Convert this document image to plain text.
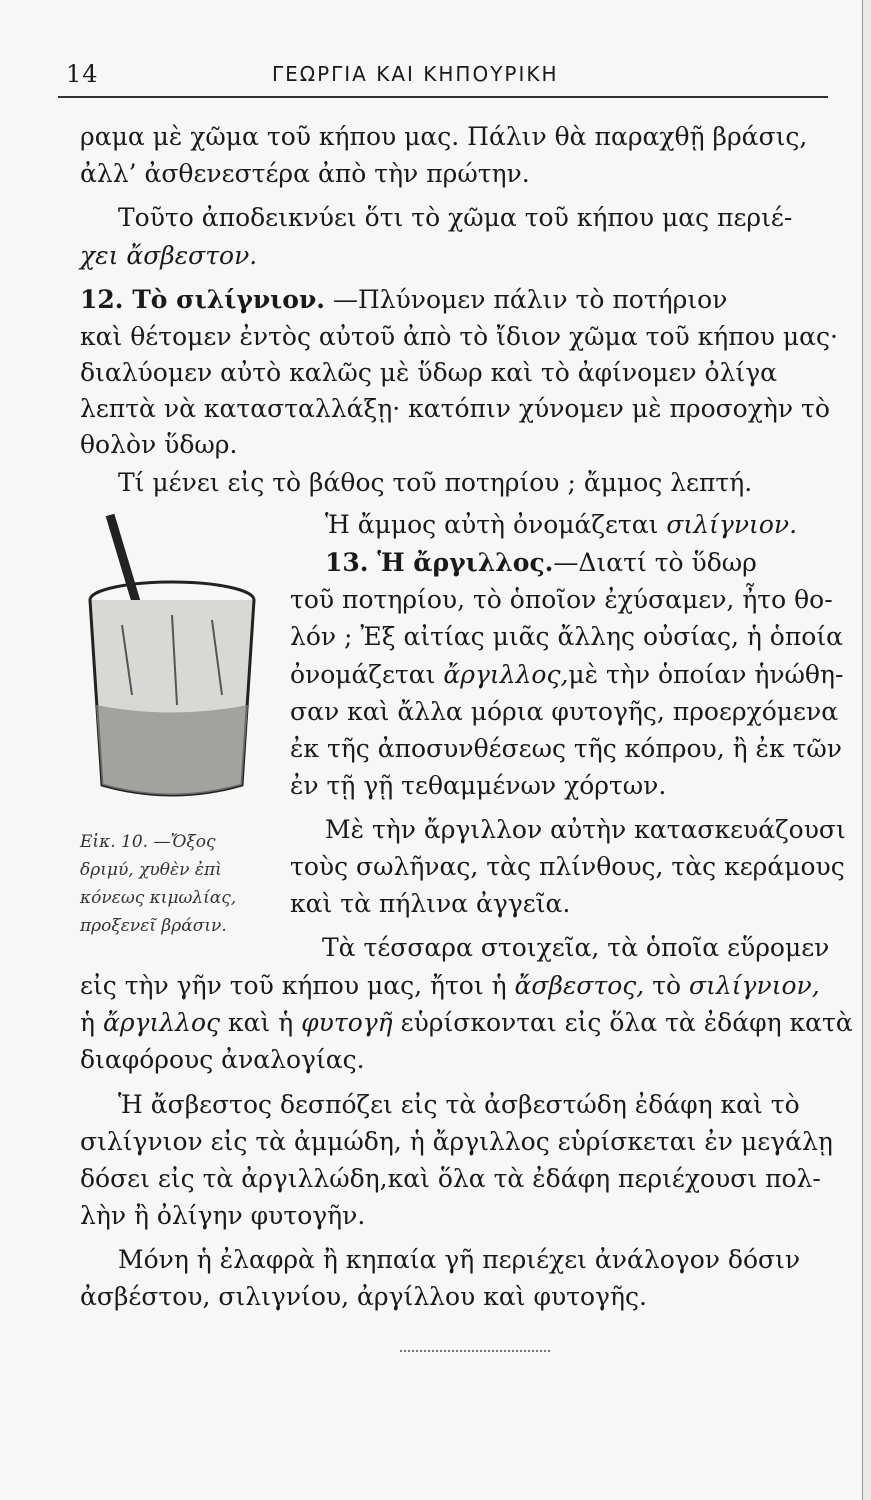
14	ΓΕΩΡΓΙΑ ΚΑΙ ΚΗΠΟΥΡΙΚΗ
ραμα μὲ χῶμα τοῦ κήπου μας. Πάλιν θὰ παραχθῇ βράσις,
ἀλλ’ ἀσθενεστέρα ἀπὸ τὴν πρώτην.
Τοῦτο ἀποδεικνύει ὅτι τὸ χῶμα τοῦ κήπου μας περιέ-
χει ἄσβεστον.
12. Τὸ σιλίγνιον. —Πλύνομεν πάλιν τὸ ποτήριον
καὶ θέτομεν ἐντὸς αὐτοῦ ἀπὸ τὸ ἴδιον χῶμα τοῦ κήπου μας·
διαλύομεν αὐτὸ καλῶς μὲ ὕδωρ καὶ τὸ ἀφίνομεν ὀλίγα
λεπτὰ νὰ κατασταλλάξῃ· κατόπιν χύνομεν μὲ προσοχὴν τὸ
θολὸν ὕδωρ.
Τί μένει εἰς τὸ βάθος τοῦ ποτηρίου ; ἄμμος λεπτή.
Ἡ ἄμμος αὐτὴ ὀνομάζεται σιλίγνιον.
13. Ἡ ἄργιλλος.—Διατί τὸ ὕδωρ
τοῦ ποτηρίου, τὸ ὁποῖον ἐχύσαμεν, ἦτο θο-
λόν ; Ἐξ αἰτίας μιᾶς ἄλλης οὐσίας, ἡ ὁποία
ὀνομάζεται ἄργιλλος,μὲ τὴν ὁποίαν ἡνώθη-
σαν καὶ ἄλλα μόρια φυτογῆς, προερχόμενα
ἐκ τῆς ἀποσυνθέσεως τῆς κόπρου, ἢ ἐκ τῶν
ἐν τῇ γῇ τεθαμμένων χόρτων.
Μὲ τὴν ἄργιλλον αὐτὴν κατασκευάζουσι
τοὺς σωλῆνας, τὰς πλίνθους, τὰς κεράμους
καὶ τὰ πήλινα ἀγγεῖα.
Τὰ τέσσαρα στοιχεῖα, τὰ ὁποῖα εὕρομεν
εἰς τὴν γῆν τοῦ κήπου μας, ἤτοι ἡ ἄσβεστος, τὸ σιλίγνιον,
ἡ ἄργιλλος καὶ ἡ φυτογῆ εὑρίσκονται εἰς ὅλα τὰ ἐδάφη κατὰ
διαφόρους ἀναλογίας.
Ἡ ἄσβεστος δεσπόζει εἰς τὰ ἀσβεστώδη ἐδάφη καὶ τὸ
σιλίγνιον εἰς τὰ ἀμμώδη, ἡ ἄργιλλος εὑρίσκεται ἐν μεγάλῃ
δόσει εἰς τὰ ἀργιλλώδη,καὶ ὅλα τὰ ἐδάφη περιέχουσι πολ-
λὴν ἢ ὀλίγην φυτογῆν.
Μόνη ἡ ἐλαφρὰ ἢ κηπαία γῆ περιέχει ἀνάλογον δόσιν
ἀσβέστου, σιλιγνίου, ἀργίλλου καὶ φυτογῆς.
Εἰκ. 10. —Ὄξος
δριμύ, χυθὲν ἐπὶ
κόνεως κιμωλίας,
προξενεῖ βράσιν.
